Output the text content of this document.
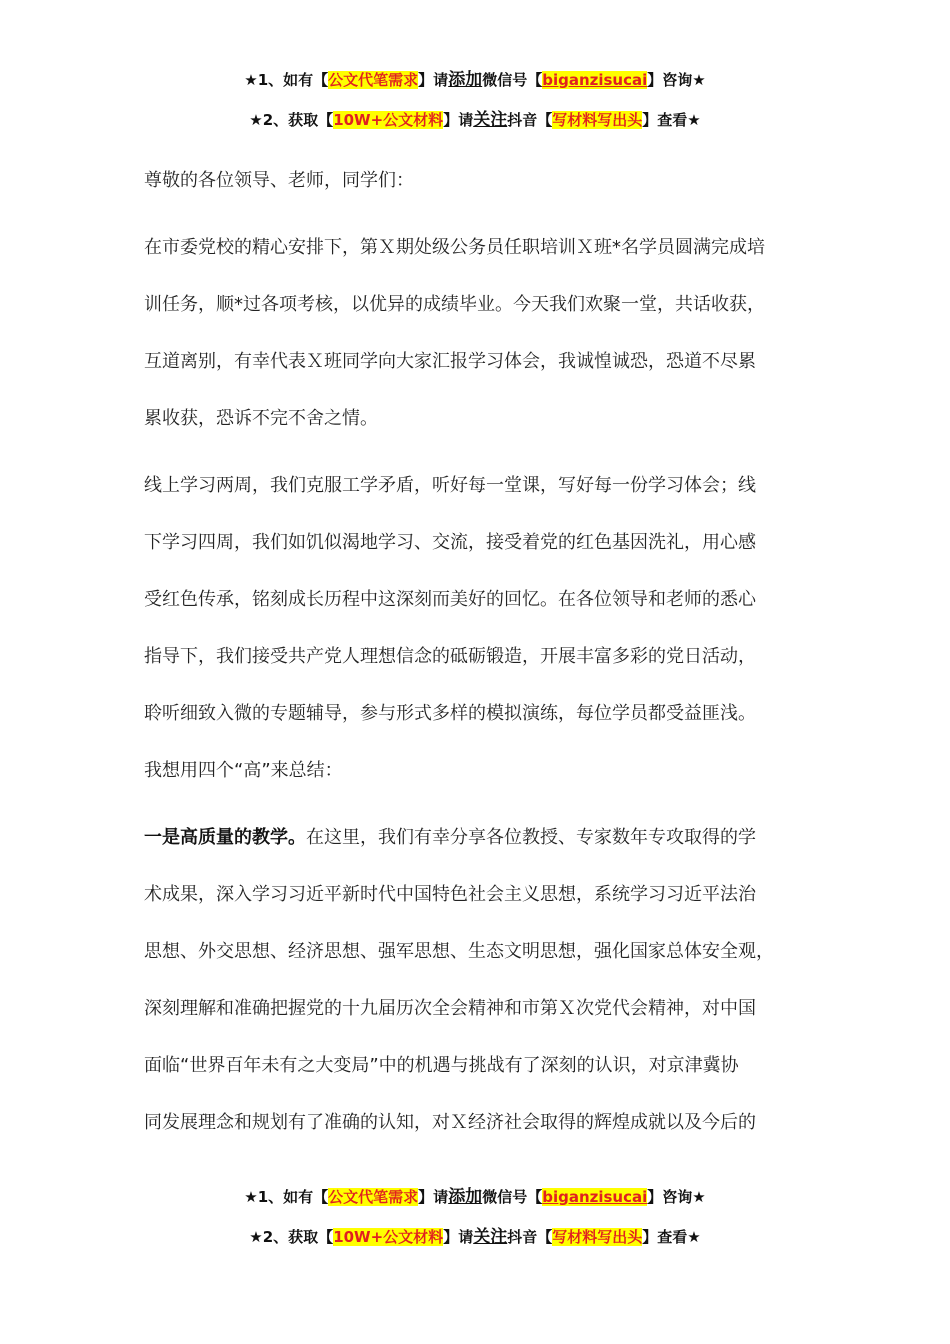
★1、如有【公文代笔需求】请添加微信号【biganzisucai】咨询★
★2、获取【10W+公文材料】请关注抖音【写材料写出头】查看★
尊敬的各位领导、老师，同学们：
在市委党校的精心安排下，第Ｘ期处级公务员任职培训Ｘ班*名学员圆满完成培
训任务，顺*过各项考核，以优异的成绩毕业。今天我们欢聚一堂，共话收获，
互道离别，有幸代表Ｘ班同学向大家汇报学习体会，我诚惶诚恐，恐道不尽累
累收获，恐诉不完不舍之情。
线上学习两周，我们克服工学矛盾，听好每一堂课，写好每一份学习体会；线
下学习四周，我们如饥似渴地学习、交流，接受着党的红色基因洗礼，用心感
受红色传承，铭刻成长历程中这深刻而美好的回忆。在各位领导和老师的悉心
指导下，我们接受共产党人理想信念的砥砺锻造，开展丰富多彩的党日活动，
聆听细致入微的专题辅导，参与形式多样的模拟演练，每位学员都受益匪浅。
我想用四个“高”来总结：
一是高质量的教学。在这里，我们有幸分享各位教授、专家数年专攻取得的学
术成果，深入学习习近平新时代中国特色社会主义思想，系统学习习近平法治
思想、外交思想、经济思想、强军思想、生态文明思想，强化国家总体安全观，
深刻理解和准确把握党的十九届历次全会精神和市第Ｘ次党代会精神，对中国
面临“世界百年未有之大变局”中的机遇与挑战有了深刻的认识，对京津冀协
同发展理念和规划有了准确的认知，对Ｘ经济社会取得的辉煌成就以及今后的
★1、如有【公文代笔需求】请添加微信号【biganzisucai】咨询★
★2、获取【10W+公文材料】请关注抖音【写材料写出头】查看★
